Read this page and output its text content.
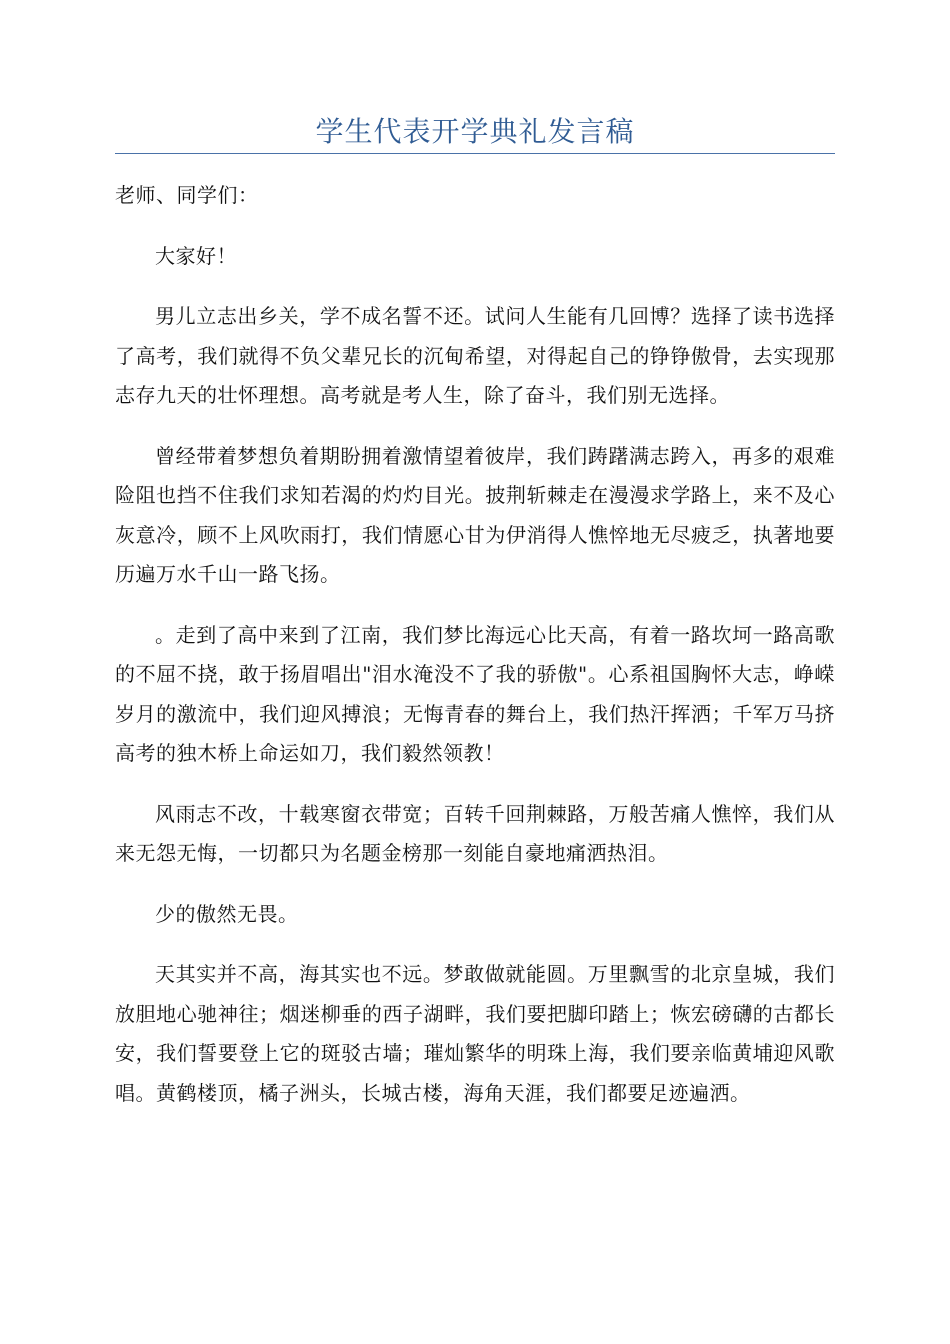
学生代表开学典礼发言稿

老师、同学们：

大家好！

男儿立志出乡关，学不成名誓不还。试问人生能有几回博？选择了读书选择了高考，我们就得不负父辈兄长的沉甸希望，对得起自己的铮铮傲骨，去实现那志存九天的壮怀理想。高考就是考人生，除了奋斗，我们别无选择。

曾经带着梦想负着期盼拥着激情望着彼岸，我们踌躇满志跨入，再多的艰难险阻也挡不住我们求知若渴的灼灼目光。披荆斩棘走在漫漫求学路上，来不及心灰意冷，顾不上风吹雨打，我们情愿心甘为伊消得人憔悴地无尽疲乏，执著地要历遍万水千山一路飞扬。

。走到了高中来到了江南，我们梦比海远心比天高，有着一路坎坷一路高歌的不屈不挠，敢于扬眉唱出"泪水淹没不了我的骄傲"。心系祖国胸怀大志，峥嵘岁月的激流中，我们迎风搏浪；无悔青春的舞台上，我们热汗挥洒；千军万马挤高考的独木桥上命运如刀，我们毅然领教！

风雨志不改，十载寒窗衣带宽；百转千回荆棘路，万般苦痛人憔悴，我们从来无怨无悔，一切都只为名题金榜那一刻能自豪地痛洒热泪。

少的傲然无畏。

天其实并不高，海其实也不远。梦敢做就能圆。万里飘雪的北京皇城，我们放胆地心驰神往；烟迷柳垂的西子湖畔，我们要把脚印踏上；恢宏磅礴的古都长安，我们誓要登上它的斑驳古墙；璀灿繁华的明珠上海，我们要亲临黄埔迎风歌唱。黄鹤楼顶，橘子洲头，长城古楼，海角天涯，我们都要足迹遍洒。
